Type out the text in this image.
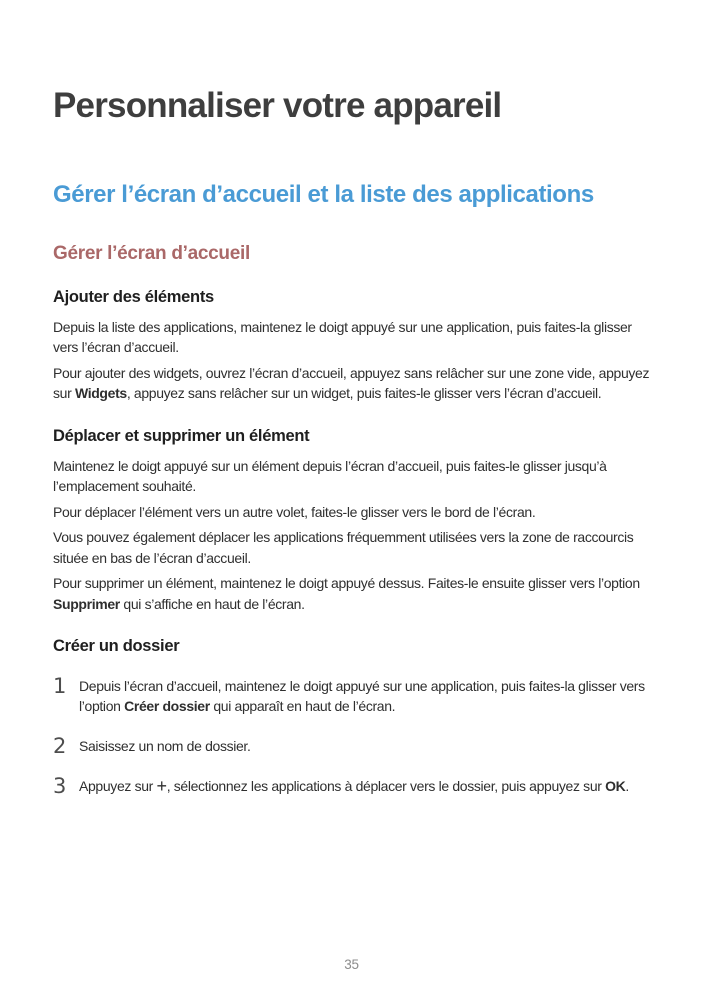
Personnaliser votre appareil
Gérer l’écran d’accueil et la liste des applications
Gérer l’écran d’accueil
Ajouter des éléments

Depuis la liste des applications, maintenez le doigt appuyé sur une application, puis faites-la glisser vers l’écran d’accueil.

Pour ajouter des widgets, ouvrez l’écran d’accueil, appuyez sans relâcher sur une zone vide, appuyez sur Widgets, appuyez sans relâcher sur un widget, puis faites-le glisser vers l’écran d’accueil.

Déplacer et supprimer un élément

Maintenez le doigt appuyé sur un élément depuis l’écran d’accueil, puis faites-le glisser jusqu’à l’emplacement souhaité.

Pour déplacer l’élément vers un autre volet, faites-le glisser vers le bord de l’écran.

Vous pouvez également déplacer les applications fréquemment utilisées vers la zone de raccourcis située en bas de l’écran d’accueil.

Pour supprimer un élément, maintenez le doigt appuyé dessus. Faites-le ensuite glisser vers l’option Supprimer qui s’affiche en haut de l’écran.

Créer un dossier
1 Depuis l’écran d’accueil, maintenez le doigt appuyé sur une application, puis faites-la glisser vers l’option Créer dossier qui apparaît en haut de l’écran.
2 Saisissez un nom de dossier.
3 Appuyez sur +, sélectionnez les applications à déplacer vers le dossier, puis appuyez sur OK.
35
